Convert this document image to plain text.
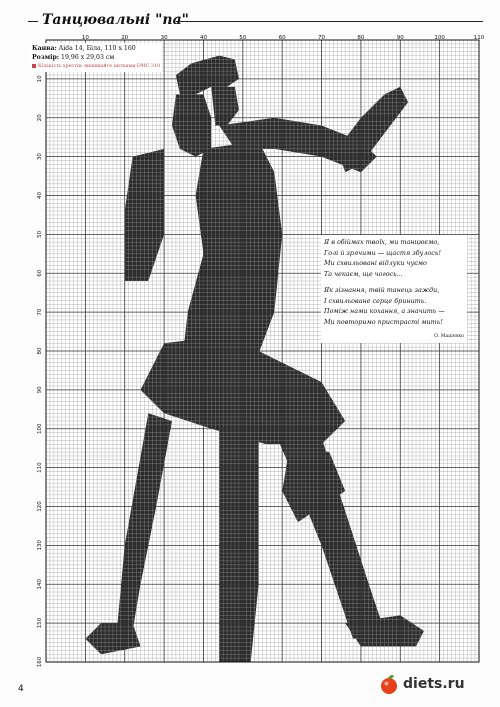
Танцювальні "па"
10	20	30	40	50	60	70	80	90	100	110
10
20
30
40
50
60
70
80
90
100
110
120
130
140
150
160
Канва: Aida 14, Біла, 110 x 160
Розмір: 19,96 x 29,03 см
Кількість хрестів: вишивайте нитками DMC 310
Я в обіймах твоїх, ми танцюємо,
Голі й зрячими — щастя збулось!
Ми схвильовані відлуки чуємо
Та чекаєм, ще чогось...
Як зізнання, твій танець зажди,
І схвильоване серце бринить.
Поміж нами кохання, а значить —
Ми повторимо пристрасті мить!
О. Мацієнко
4	diets.ru
